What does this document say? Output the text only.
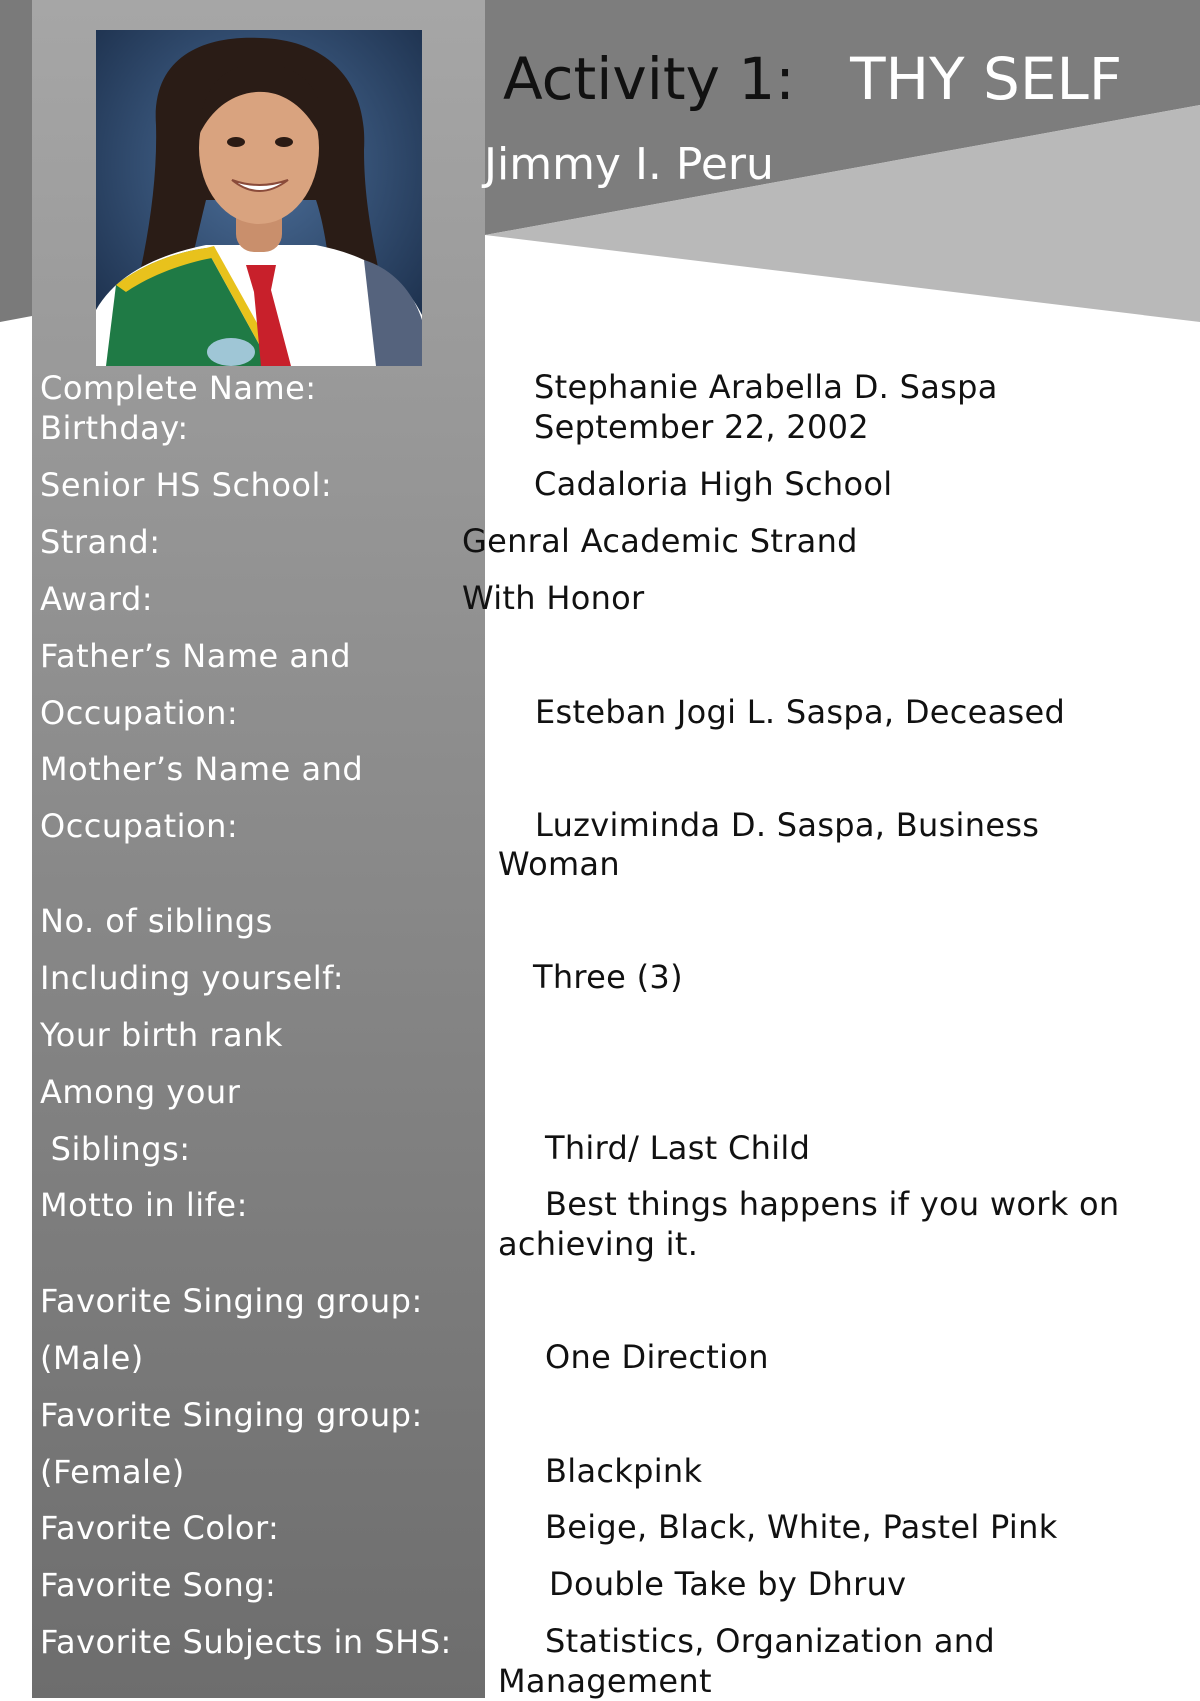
Activity 1: THY SELF
Jimmy I. Peru
Complete Name:
Birthday:
Senior HS School:
Strand:
Award:
Father’s Name and
Occupation:
Mother’s Name and
Occupation:
No. of siblings
Including yourself:
Your birth rank
Among your
Siblings:
Motto in life:
Favorite Singing group:
(Male)
Favorite Singing group:
(Female)
Favorite Color:
Favorite Song:
Favorite Subjects in SHS:
Stephanie Arabella D. Saspa
September 22, 2002
Cadaloria High School
Genral Academic Strand
With Honor
Esteban Jogi L. Saspa, Deceased
Luzviminda D. Saspa, Business
Woman
Three (3)
Third/ Last Child
Best things happens if you work on
achieving it.
One Direction
Blackpink
Beige, Black, White, Pastel Pink
Double Take by Dhruv
Statistics, Organization and
Management
